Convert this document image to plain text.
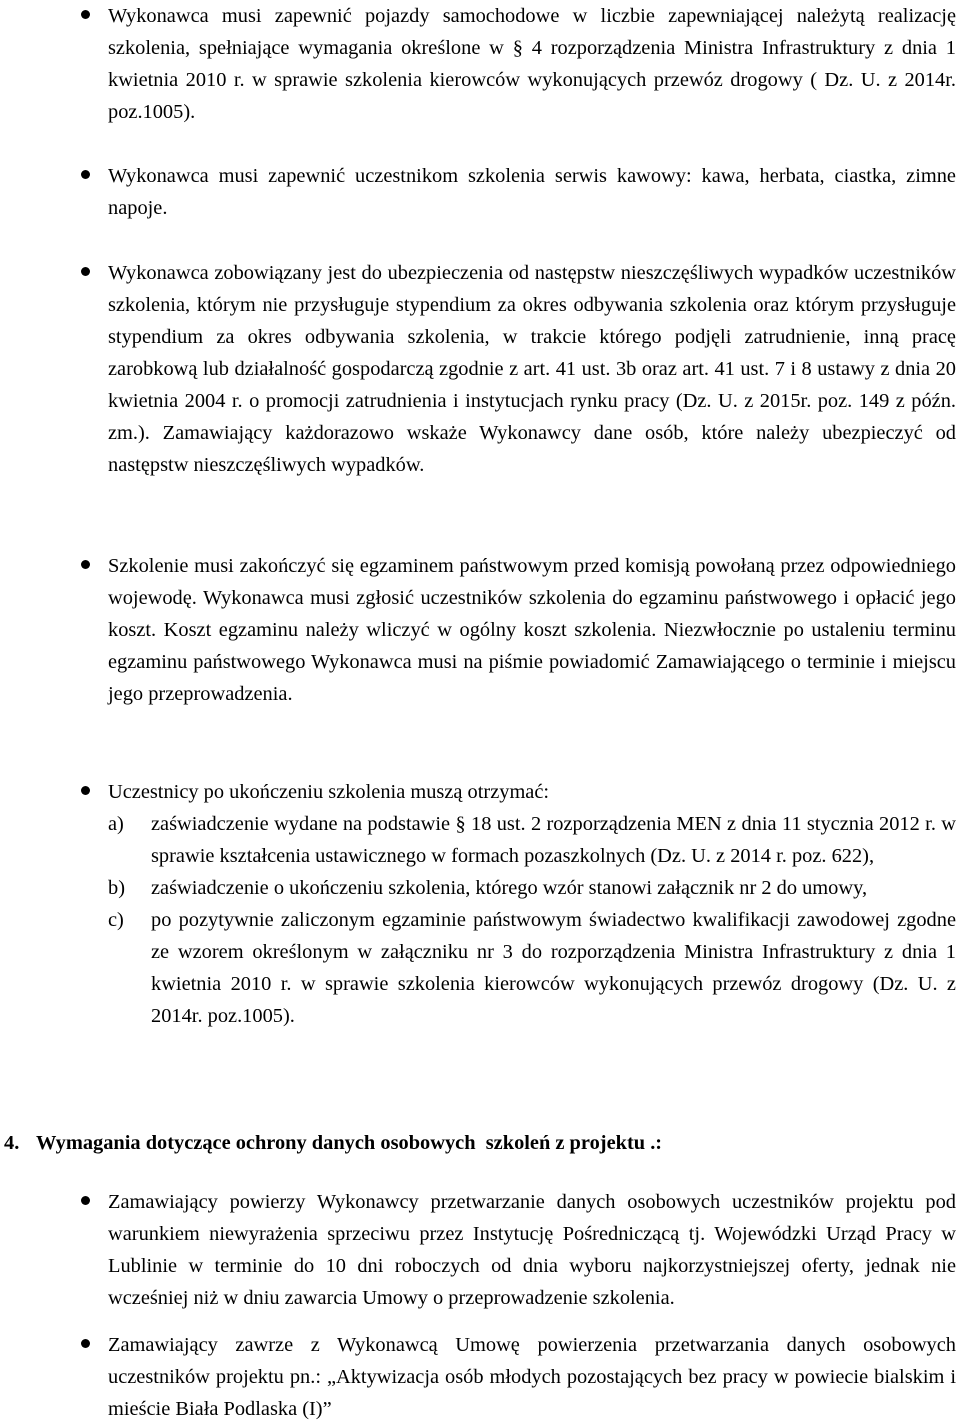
Wykonawca musi zapewnić pojazdy samochodowe w liczbie zapewniającej należytą realizację szkolenia, spełniające wymagania określone w § 4 rozporządzenia Ministra Infrastruktury z dnia 1 kwietnia 2010 r. w sprawie szkolenia kierowców wykonujących przewóz drogowy ( Dz. U. z 2014r. poz.1005).
Wykonawca musi zapewnić uczestnikom szkolenia serwis kawowy: kawa, herbata, ciastka, zimne napoje.
Wykonawca zobowiązany jest do ubezpieczenia od następstw nieszczęśliwych wypadków uczestników szkolenia, którym nie przysługuje stypendium za okres odbywania szkolenia oraz którym przysługuje stypendium za okres odbywania szkolenia, w trakcie którego podjęli zatrudnienie, inną pracę zarobkową lub działalność gospodarczą zgodnie z art. 41 ust. 3b oraz art. 41 ust. 7 i 8 ustawy z dnia 20 kwietnia 2004 r. o promocji zatrudnienia i instytucjach rynku pracy (Dz. U. z 2015r. poz. 149 z późn. zm.). Zamawiający każdorazowo wskaże Wykonawcy dane osób, które należy ubezpieczyć od następstw nieszczęśliwych wypadków.
Szkolenie musi zakończyć się egzaminem państwowym przed komisją powołaną przez odpowiedniego wojewodę. Wykonawca musi zgłosić uczestników szkolenia do egzaminu państwowego i opłacić jego koszt. Koszt egzaminu należy wliczyć w ogólny koszt szkolenia. Niezwłocznie po ustaleniu terminu egzaminu państwowego Wykonawca musi na piśmie powiadomić Zamawiającego o terminie i miejscu jego przeprowadzenia.
Uczestnicy po ukończeniu szkolenia muszą otrzymać:
a) zaświadczenie wydane na podstawie § 18 ust. 2 rozporządzenia MEN z dnia 11 stycznia 2012 r. w sprawie kształcenia ustawicznego w formach pozaszkolnych (Dz. U. z 2014 r. poz. 622),
b) zaświadczenie o ukończeniu szkolenia, którego wzór stanowi załącznik nr 2 do umowy,
c) po pozytywnie zaliczonym egzaminie państwowym świadectwo kwalifikacji zawodowej zgodne ze wzorem określonym w załączniku nr 3 do rozporządzenia Ministra Infrastruktury z dnia 1 kwietnia 2010 r. w sprawie szkolenia kierowców wykonujących przewóz drogowy (Dz. U. z 2014r. poz.1005).
4. Wymagania dotyczące ochrony danych osobowych  szkoleń z projektu .:
Zamawiający powierzy Wykonawcy przetwarzanie danych osobowych uczestników projektu pod warunkiem niewyrażenia sprzeciwu przez Instytucję Pośredniczącą tj. Wojewódzki Urząd Pracy w Lublinie w terminie do 10 dni roboczych od dnia wyboru najkorzystniejszej oferty, jednak nie wcześniej niż w dniu zawarcia Umowy o przeprowadzenie szkolenia.
Zamawiający zawrze z Wykonawcą Umowę powierzenia przetwarzania danych osobowych uczestników projektu pn.: „Aktywizacja osób młodych pozostających bez pracy w powiecie bialskim i mieście Biała Podlaska (I)”
